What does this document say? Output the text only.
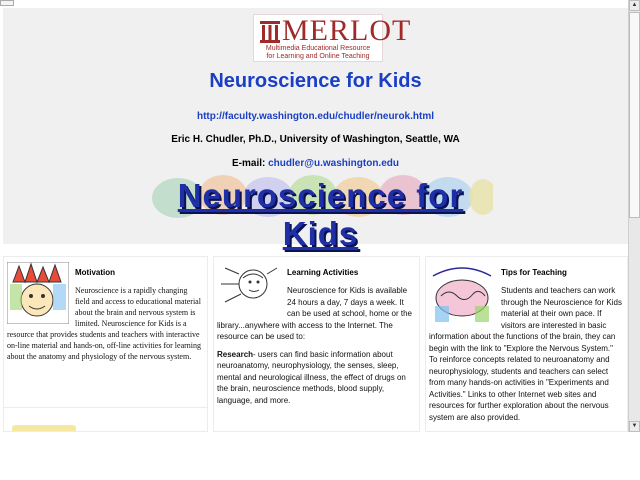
MERLOT
Multimedia Educational Resource
for Learning and Online Teaching
Neuroscience for Kids
http://faculty.washington.edu/chudler/neurok.html
Eric H. Chudler, Ph.D., University of Washington, Seattle, WA
E-mail: chudler@u.washington.edu
Neuroscience for Kids
Motivation

Neuroscience is a rapidly changing field and access to educational material about the brain and nervous system is limited. Neuroscience for Kids is a resource that provides students and teachers with interactive on-line material and hands-on, off-line activities for learning about the anatomy and physiology of the nervous system.

Learning Activities

Neuroscience for Kids is available 24 hours a day, 7 days a week. It can be used at school, home or the library...anywhere with access to the Internet. The resource can be used to:

Research- users can find basic information about neuroanatomy, neurophysiology, the senses, sleep, mental and neurological illness, the effect of drugs on the brain, neuroscience methods, blood supply, language, and more.

Tips for Teaching

Students and teachers can work through the Neuroscience for Kids material at their own pace. If visitors are interested in basic information about the functions of the brain, they can begin with the link to "Explore the Nervous System." To reinforce concepts related to neuroanatomy and neurophysiology, students and teachers can select from many hands-on activities in "Experiments and Activities." Links to other Internet web sites and resources for further exploration about the nervous system are also provided.

▲
▼
